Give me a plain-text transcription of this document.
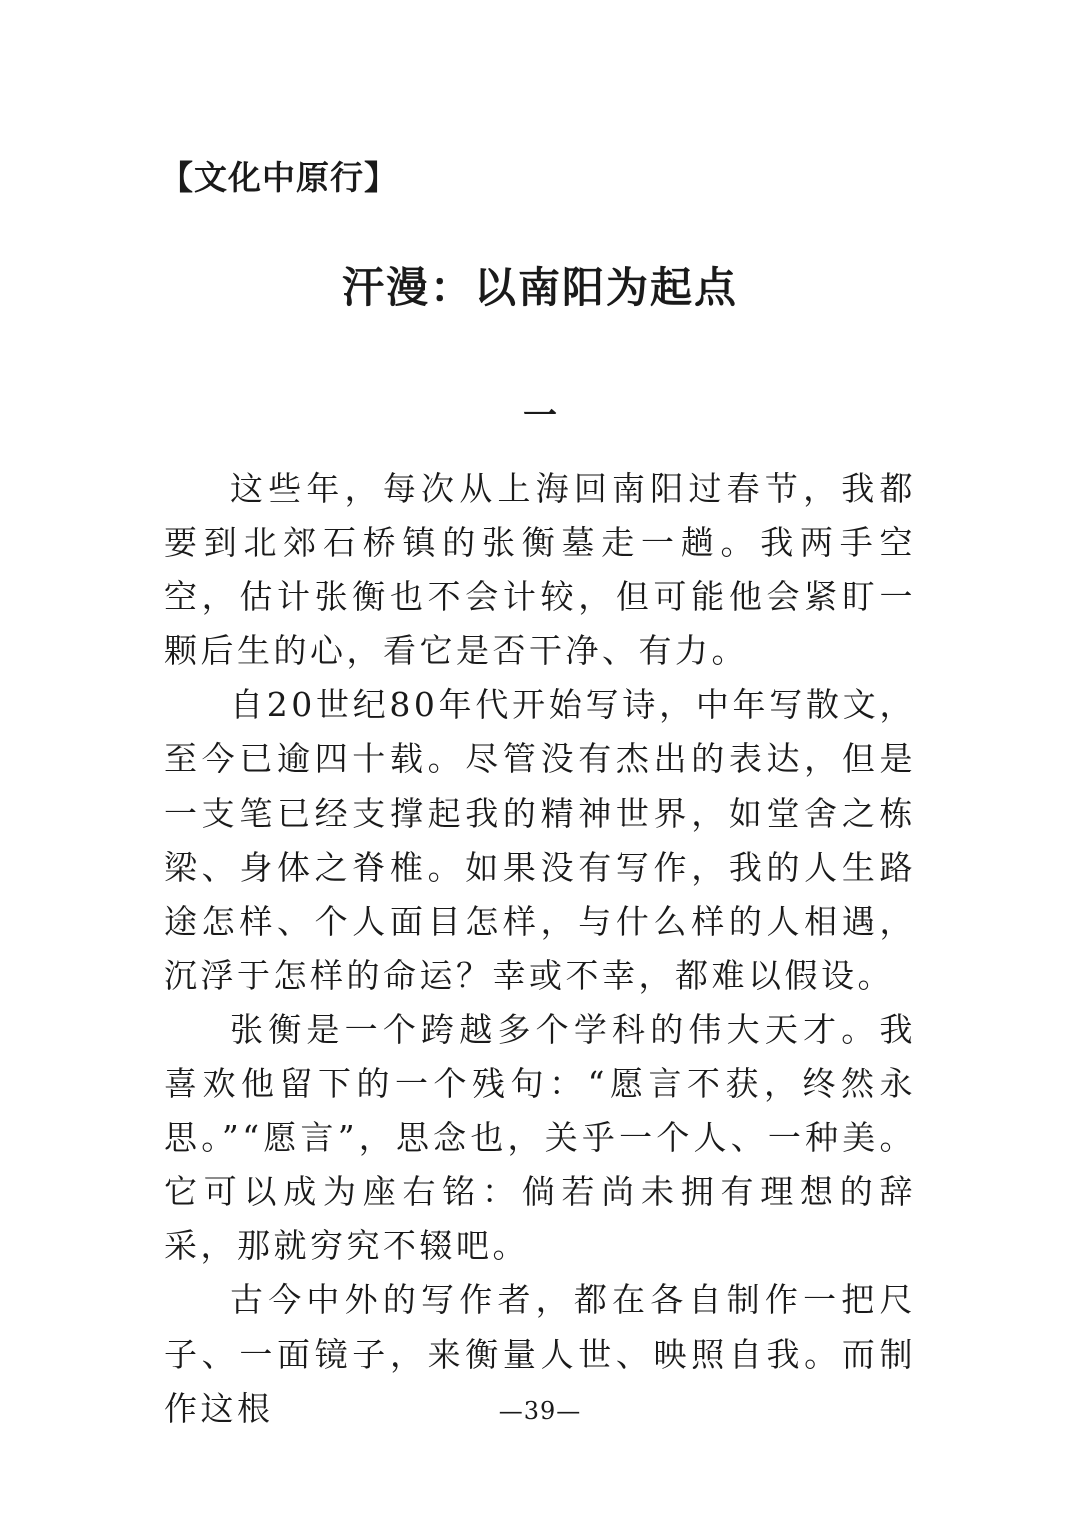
【文化中原行】
汗漫：以南阳为起点
一

这些年，每次从上海回南阳过春节，我都要到北郊石桥镇的张衡墓走一趟。我两手空空，估计张衡也不会计较，但可能他会紧盯一颗后生的心，看它是否干净、有力。

自20世纪80年代开始写诗，中年写散文，至今已逾四十载。尽管没有杰出的表达，但是一支笔已经支撑起我的精神世界，如堂舍之栋梁、身体之脊椎。如果没有写作，我的人生路途怎样、个人面目怎样，与什么样的人相遇，沉浮于怎样的命运？幸或不幸，都难以假设。

张衡是一个跨越多个学科的伟大天才。我喜欢他留下的一个残句：“愿言不获，终然永思。”“愿言”，思念也，关乎一个人、一种美。它可以成为座右铭：倘若尚未拥有理想的辞采，那就穷究不辍吧。

古今中外的写作者，都在各自制作一把尺子、一面镜子，来衡量人世、映照自我。而制作这根	—39—
